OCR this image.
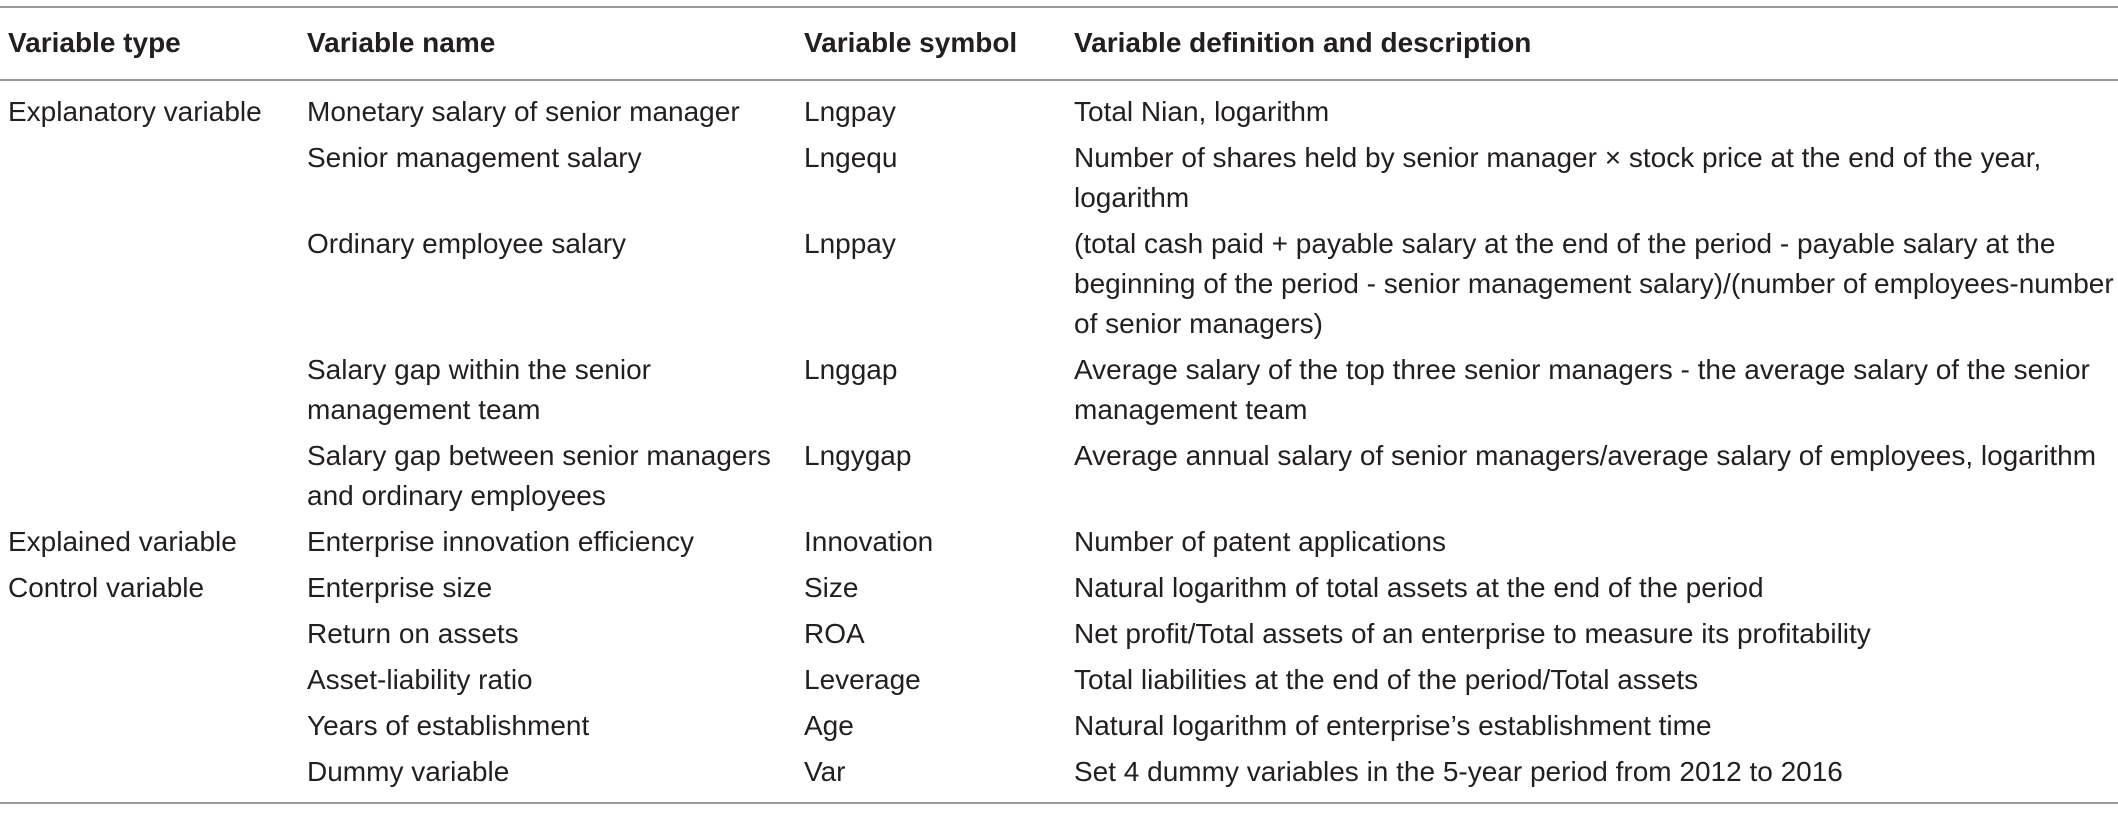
Variable type	Variable name	Variable symbol	Variable definition and description
Explanatory variable	Monetary salary of senior manager	Lngpay	Total Nian, logarithm
	Senior management salary	Lngequ	Number of shares held by senior manager × stock price at the end of the year, logarithm
	Ordinary employee salary	Lnppay	(total cash paid + payable salary at the end of the period - payable salary at the beginning of the period - senior management salary)/(number of employees-number of senior managers)
	Salary gap within the senior management team	Lnggap	Average salary of the top three senior managers - the average salary of the senior management team
	Salary gap between senior managers and ordinary employees	Lngygap	Average annual salary of senior managers/average salary of employees, logarithm
Explained variable	Enterprise innovation efficiency	Innovation	Number of patent applications
Control variable	Enterprise size	Size	Natural logarithm of total assets at the end of the period
	Return on assets	ROA	Net profit/Total assets of an enterprise to measure its profitability
	Asset-liability ratio	Leverage	Total liabilities at the end of the period/Total assets
	Years of establishment	Age	Natural logarithm of enterprise’s establishment time
	Dummy variable	Var	Set 4 dummy variables in the 5-year period from 2012 to 2016
